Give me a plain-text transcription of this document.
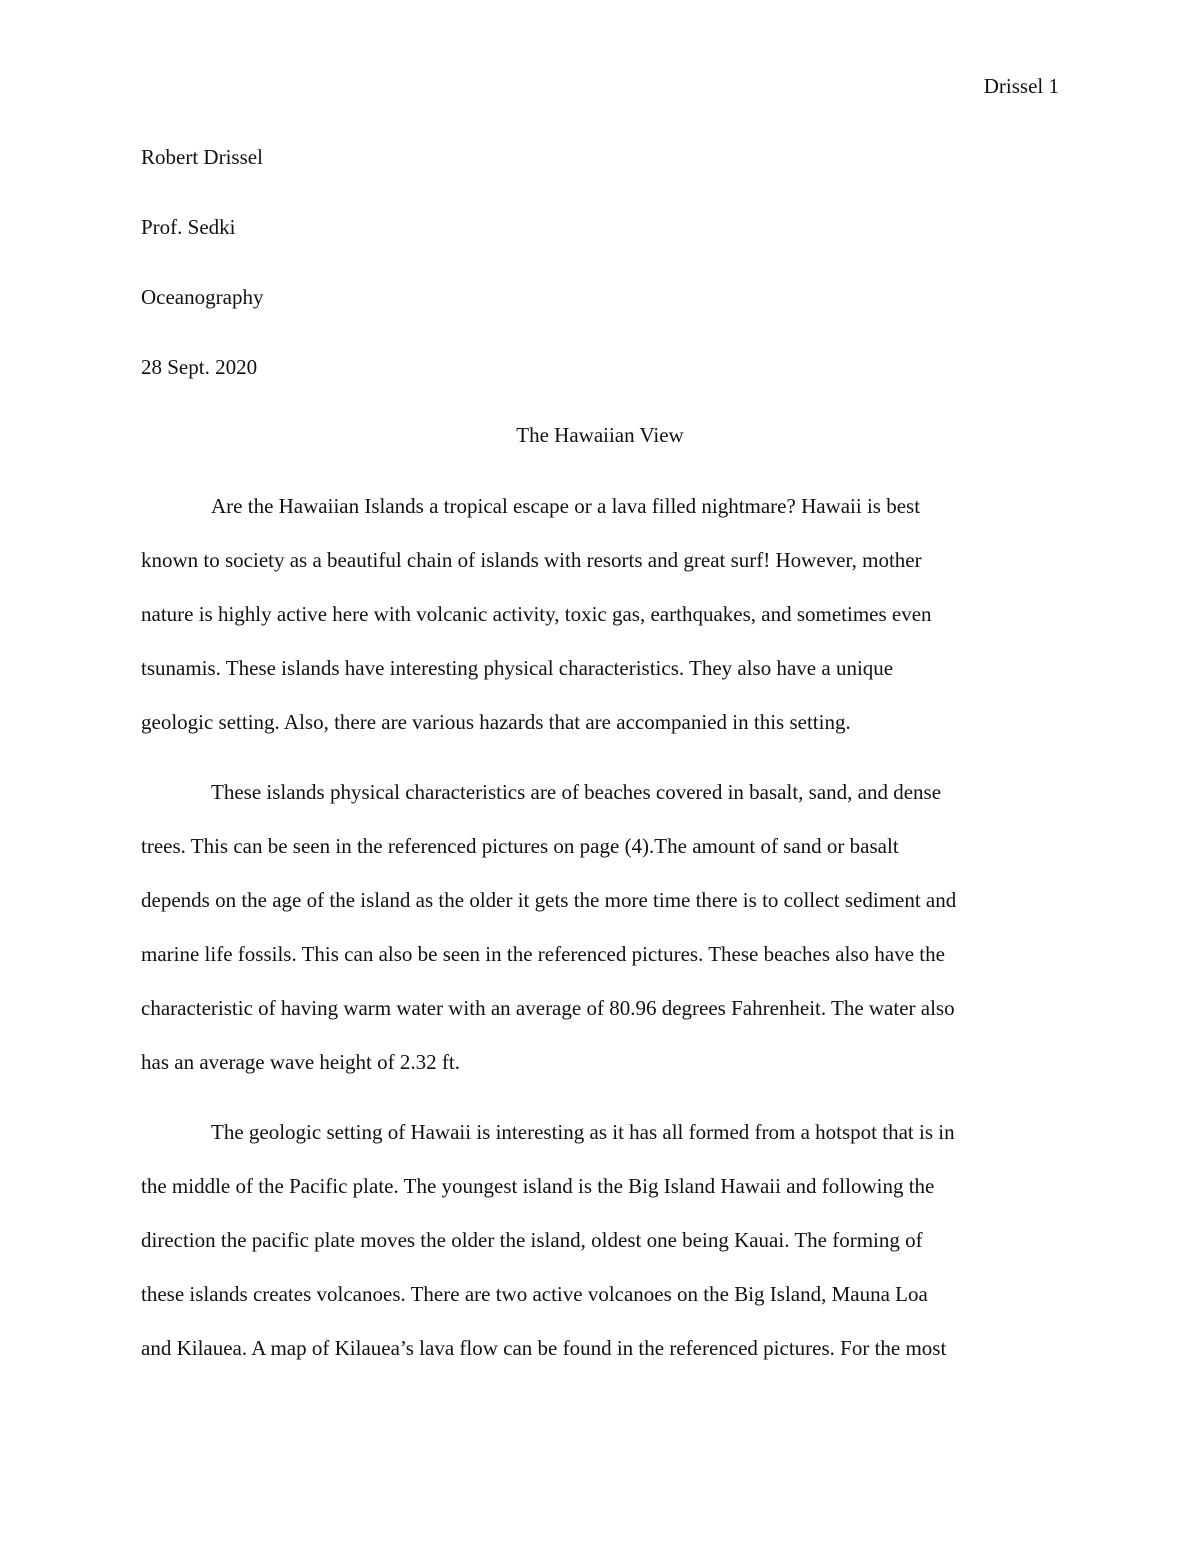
Drissel 1
Robert Drissel
Prof. Sedki
Oceanography
28 Sept. 2020
The Hawaiian View
Are the Hawaiian Islands a tropical escape or a lava filled nightmare? Hawaii is best
known to society as a beautiful chain of islands with resorts and great surf! However, mother
nature is highly active here with volcanic activity, toxic gas, earthquakes, and sometimes even
tsunamis. These islands have interesting physical characteristics. They also have a unique
geologic setting. Also, there are various hazards that are accompanied in this setting.
These islands physical characteristics are of beaches covered in basalt, sand, and dense
trees. This can be seen in the referenced pictures on page (4).The amount of sand or basalt
depends on the age of the island as the older it gets the more time there is to collect sediment and
marine life fossils. This can also be seen in the referenced pictures. These beaches also have the
characteristic of having warm water with an average of 80.96 degrees Fahrenheit. The water also
has an average wave height of 2.32 ft.
The geologic setting of Hawaii is interesting as it has all formed from a hotspot that is in
the middle of the Pacific plate. The youngest island is the Big Island Hawaii and following the
direction the pacific plate moves the older the island, oldest one being Kauai. The forming of
these islands creates volcanoes. There are two active volcanoes on the Big Island, Mauna Loa
and Kilauea. A map of Kilauea’s lava flow can be found in the referenced pictures. For the most
